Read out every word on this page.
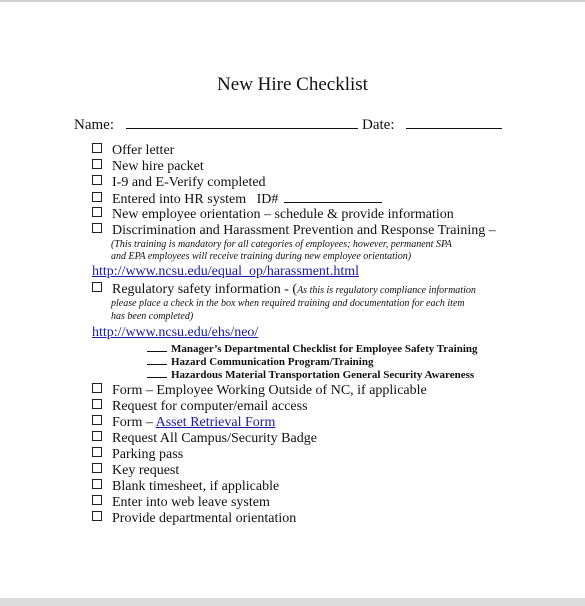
New Hire Checklist
Name:	Date:
Offer letter
New hire packet
I-9 and E-Verify completed
Entered into HR system   ID#
New employee orientation – schedule & provide information
Discrimination and Harassment Prevention and Response Training –
(This training is mandatory for all categories of employees; however, permanent SPA
and EPA employees will receive training during new employee orientation)
http://www.ncsu.edu/equal_op/harassment.html
Regulatory safety information - (As this is regulatory compliance information
please place a check in the box when required training and documentation for each item
has been completed)
http://www.ncsu.edu/ehs/neo/
Manager’s Departmental Checklist for Employee Safety Training
Hazard Communication Program/Training
Hazardous Material Transportation General Security Awareness
Form – Employee Working Outside of NC, if applicable
Request for computer/email access
Form – Asset Retrieval Form
Request All Campus/Security Badge
Parking pass
Key request
Blank timesheet, if applicable
Enter into web leave system
Provide departmental orientation
